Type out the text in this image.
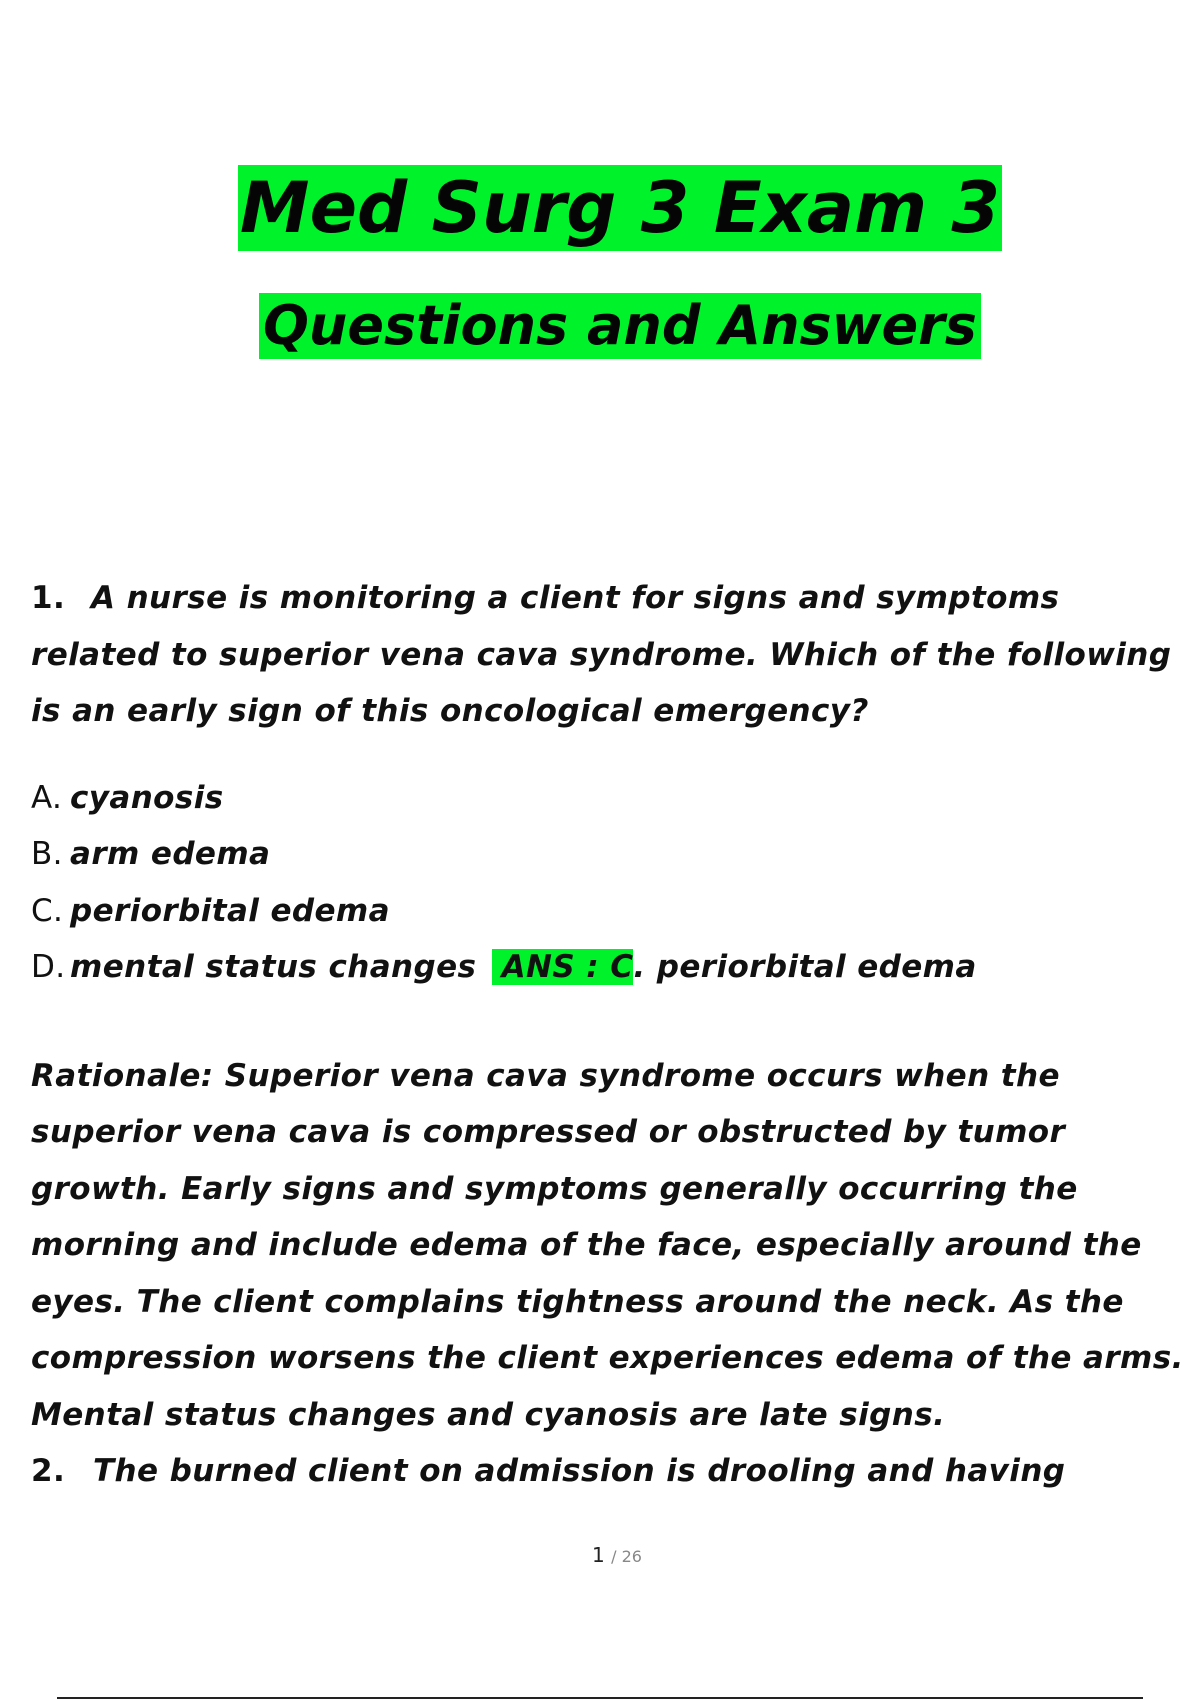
Med Surg 3 Exam 3
Questions and Answers
1. A nurse is monitoring a client for signs and symptoms
related to superior vena cava syndrome. Which of the following
is an early sign of this oncological emergency?
A. cyanosis
B. arm edema
C. periorbital edema
D. mental status changes ANS : C. periorbital edema
Rationale: Superior vena cava syndrome occurs when the
superior vena cava is compressed or obstructed by tumor
growth. Early signs and symptoms generally occurring the
morning and include edema of the face, especially around the
eyes. The client complains tightness around the neck. As the
compression worsens the client experiences edema of the arms.
Mental status changes and cyanosis are late signs.
2. The burned client on admission is drooling and having
1 / 26
